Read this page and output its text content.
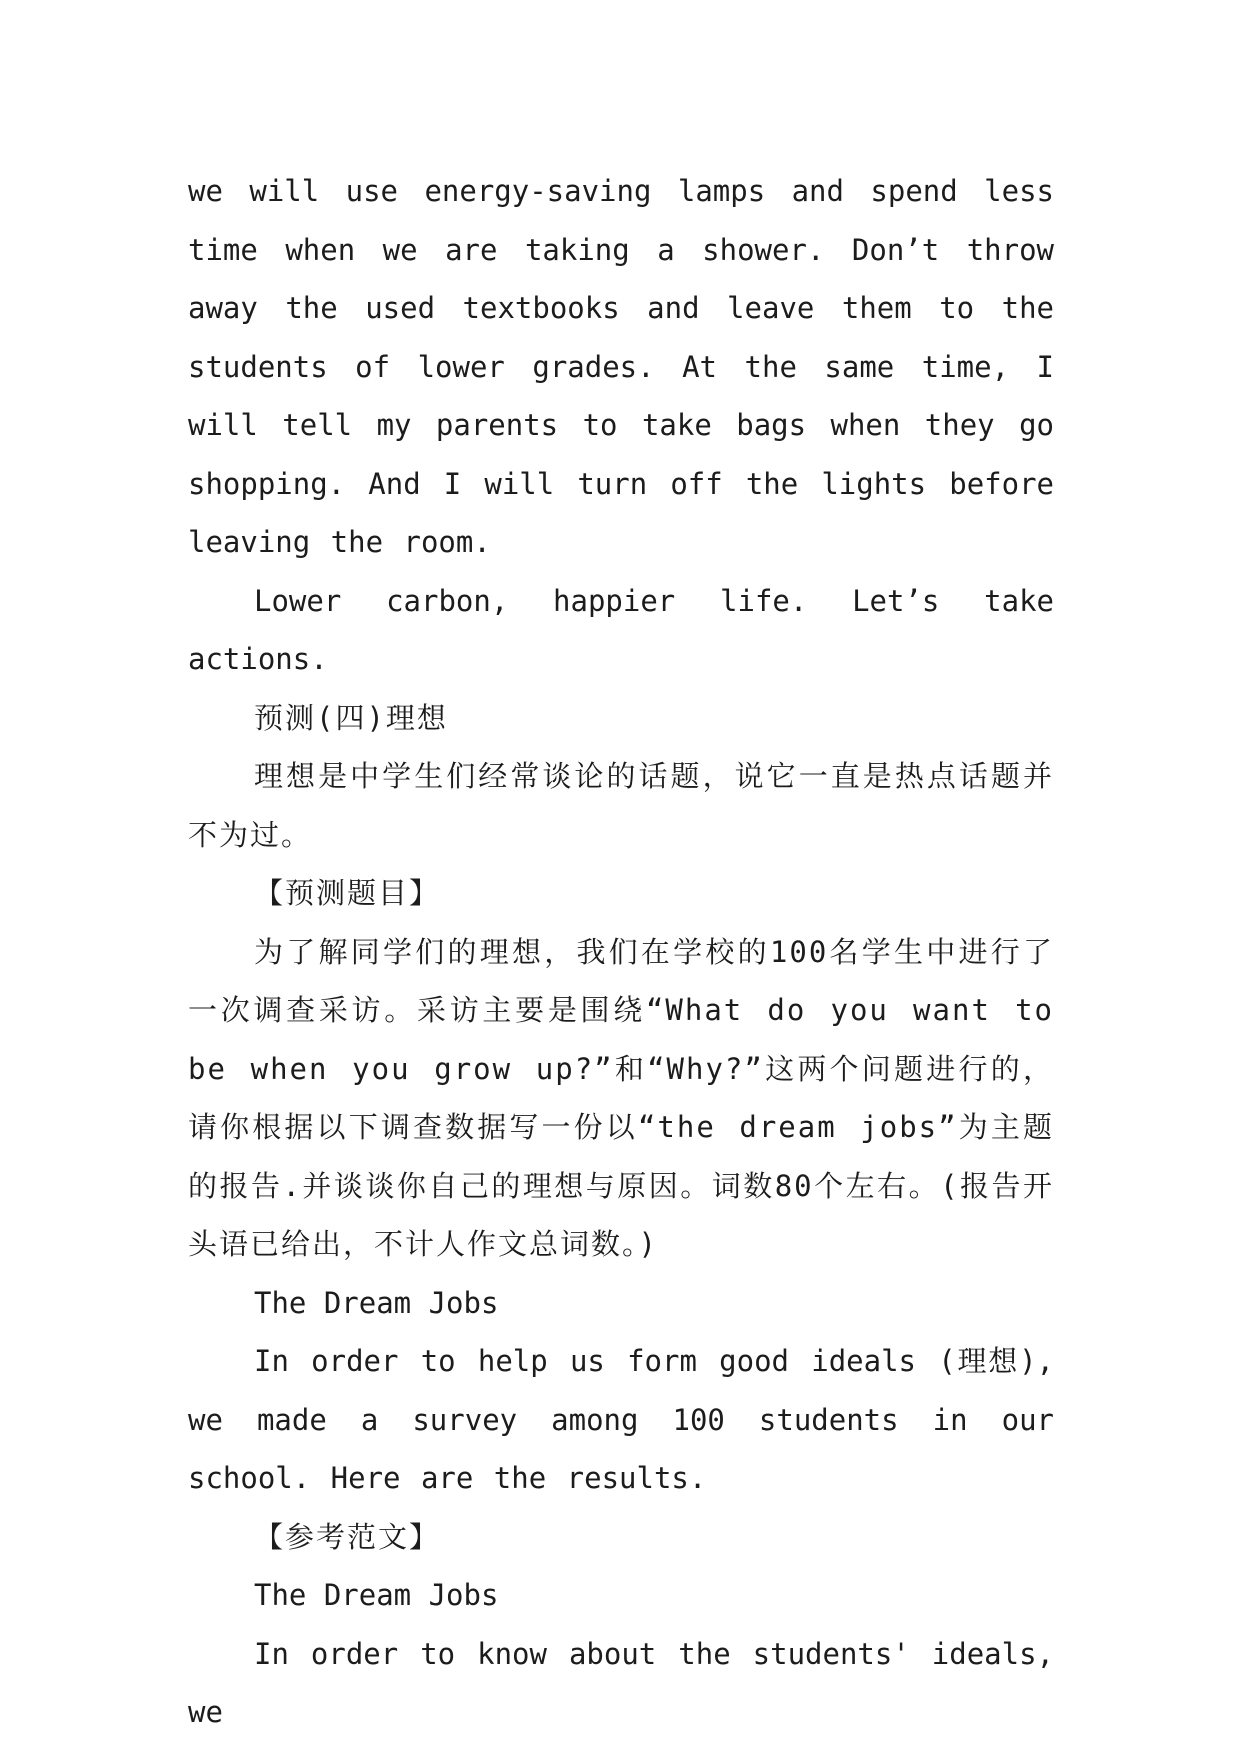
we will use energy-saving lamps and spend less time when we are taking a shower. Don’t throw away the used textbooks and leave them to the students of lower grades. At the same time, I will tell my parents to take bags when they go shopping. And I will turn off the lights before leaving the room.

Lower carbon, happier life. Let’s take actions.

预测(四)理想

理想是中学生们经常谈论的话题，说它一直是热点话题并不为过。

【预测题目】

为了解同学们的理想，我们在学校的100名学生中进行了一次调查采访。采访主要是围绕“What do you want to be when you grow up?”和“Why?”这两个问题进行的，请你根据以下调查数据写一份以“the dream jobs”为主题的报告.并谈谈你自己的理想与原因。词数80个左右。(报告开头语已给出，不计人作文总词数。)

The Dream Jobs

In order to help us form good ideals (理想), we made a survey among 100 students in our school. Here are the results.

【参考范文】

The Dream Jobs

In order to know about the students' ideals, we
